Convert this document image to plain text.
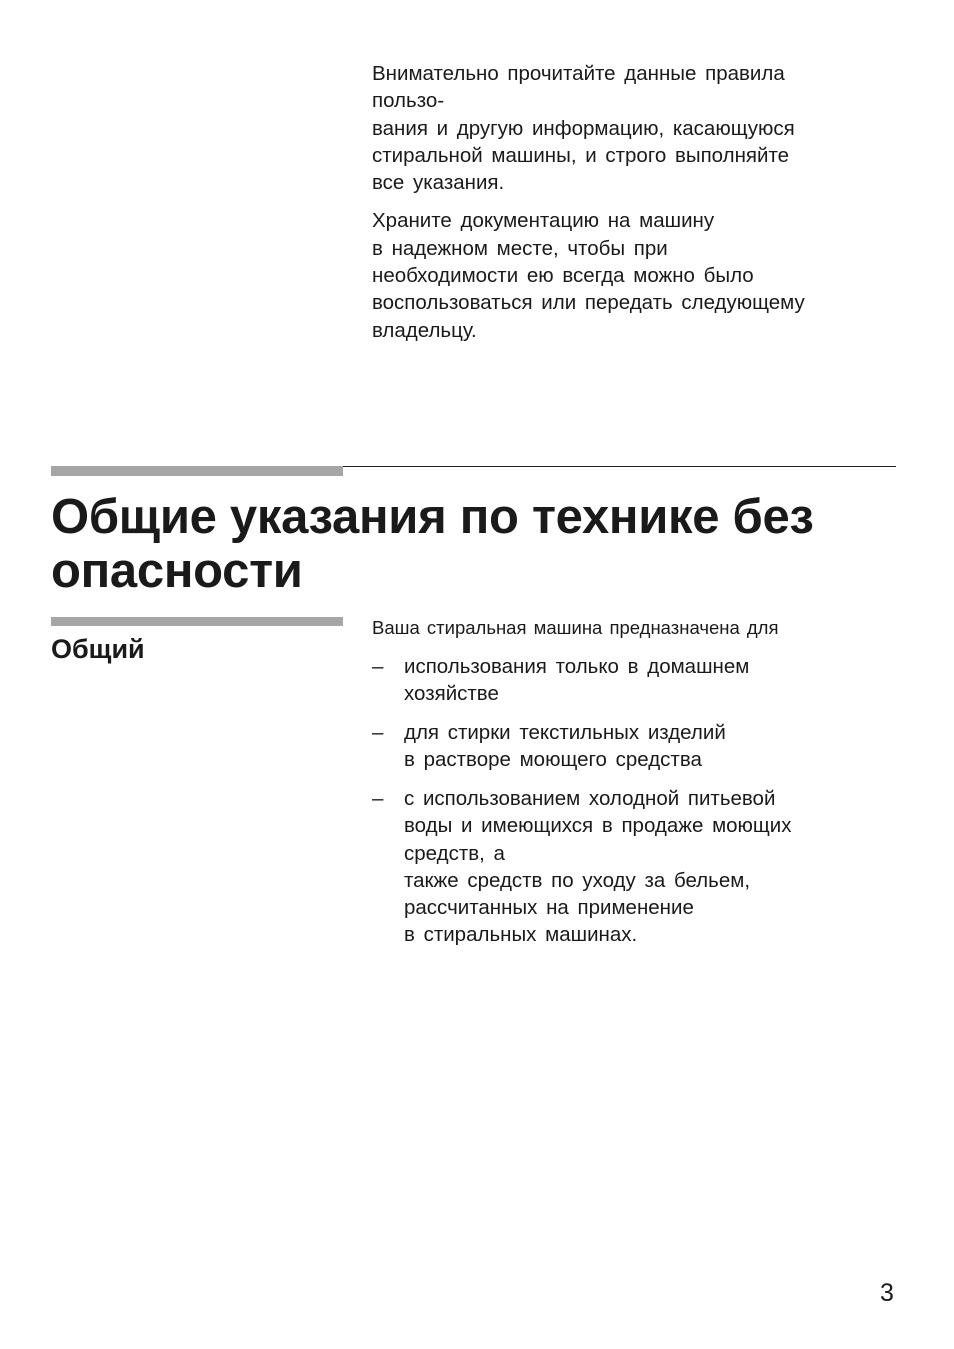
Внимательно прочитайте данные правила
пользо-
вания и другую информацию, касающуюся
стиральной машины, и строго выполняйте
все указания.

Храните документацию на машину
в надежном месте, чтобы при
необходимости ею всегда можно было
воспользоваться или передать следующему
владельцу.

Общие указания по технике без
опасности
Общий

Ваша стиральная машина предназначена для

– использования только в домашнем
хозяйстве
– для стирки текстильных изделий
в растворе моющего средства
– с использованием холодной питьевой
воды и имеющихся в продаже моющих
средств, а
также средств по уходу за бельем,
рассчитанных на применение
в стиральных машинах.
3
